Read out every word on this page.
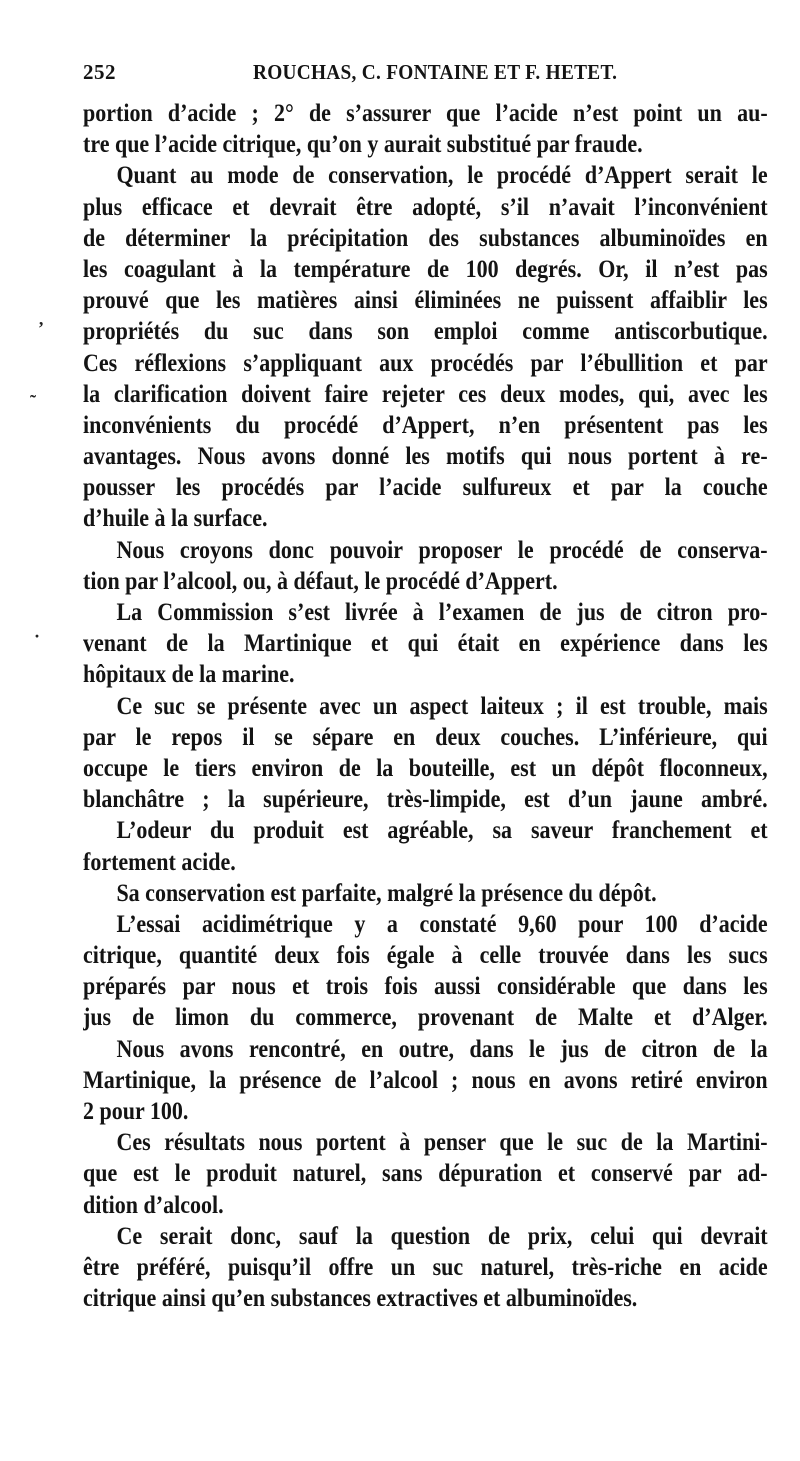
252	ROUCHAS, C. FONTAINE ET F. HETET.
ʼ
˷
·
portion d’acide ; 2° de s’assurer que l’acide n’est point un au-
tre que l’acide citrique, qu’on y aurait substitué par fraude.
Quant au mode de conservation, le procédé d’Appert serait le
plus efficace et devrait être adopté, s’il n’avait l’inconvénient
de déterminer la précipitation des substances albuminoïdes en
les coagulant à la température de 100 degrés. Or, il n’est pas
prouvé que les matières ainsi éliminées ne puissent affaiblir les
propriétés du suc dans son emploi comme antiscorbutique.
Ces réflexions s’appliquant aux procédés par l’ébullition et par
la clarification doivent faire rejeter ces deux modes, qui, avec les
inconvénients du procédé d’Appert, n’en présentent pas les
avantages. Nous avons donné les motifs qui nous portent à re-
pousser les procédés par l’acide sulfureux et par la couche
d’huile à la surface.
Nous croyons donc pouvoir proposer le procédé de conserva-
tion par l’alcool, ou, à défaut, le procédé d’Appert.
La Commission s’est livrée à l’examen de jus de citron pro-
venant de la Martinique et qui était en expérience dans les
hôpitaux de la marine.
Ce suc se présente avec un aspect laiteux ; il est trouble, mais
par le repos il se sépare en deux couches. L’inférieure, qui
occupe le tiers environ de la bouteille, est un dépôt floconneux,
blanchâtre ; la supérieure, très-limpide, est d’un jaune ambré.
L’odeur du produit est agréable, sa saveur franchement et
fortement acide.
Sa conservation est parfaite, malgré la présence du dépôt.
L’essai acidimétrique y a constaté 9,60 pour 100 d’acide
citrique, quantité deux fois égale à celle trouvée dans les sucs
préparés par nous et trois fois aussi considérable que dans les
jus de limon du commerce, provenant de Malte et d’Alger.
Nous avons rencontré, en outre, dans le jus de citron de la
Martinique, la présence de l’alcool ; nous en avons retiré environ
2 pour 100.
Ces résultats nous portent à penser que le suc de la Martini-
que est le produit naturel, sans dépuration et conservé par ad-
dition d’alcool.
Ce serait donc, sauf la question de prix, celui qui devrait
être préféré, puisqu’il offre un suc naturel, très-riche en acide
citrique ainsi qu’en substances extractives et albuminoïdes.
